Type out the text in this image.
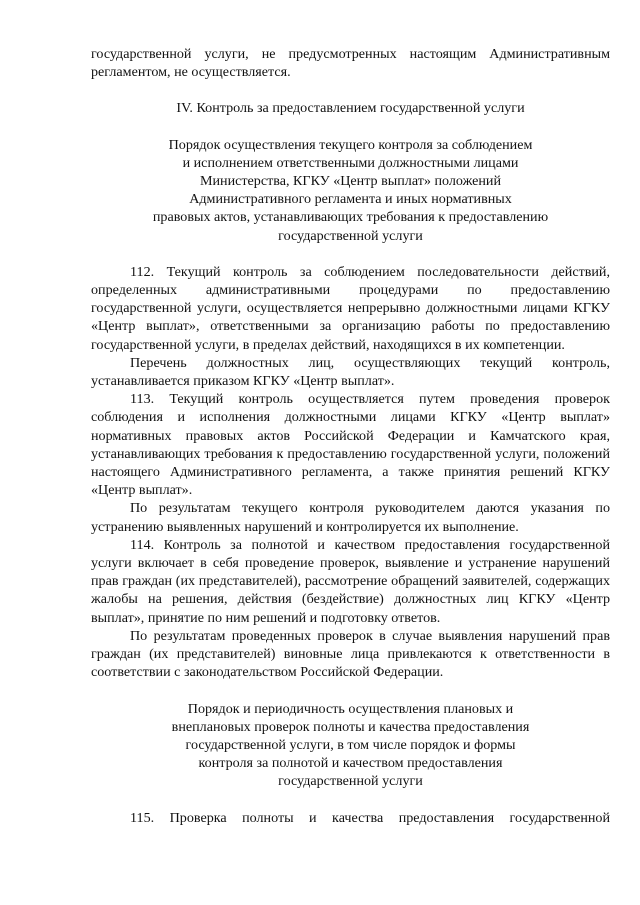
государственной услуги, не предусмотренных настоящим Административным регламентом, не осуществляется.

IV. Контроль за предоставлением государственной услуги

Порядок осуществления текущего контроля за соблюдением

и исполнением ответственными должностными лицами

Министерства, КГКУ «Центр выплат» положений

Административного регламента и иных нормативных

правовых актов, устанавливающих требования к предоставлению

государственной услуги

112. Текущий контроль за соблюдением последовательности действий, определенных административными процедурами по предоставлению государственной услуги, осуществляется непрерывно должностными лицами КГКУ «Центр выплат», ответственными за организацию работы по предоставлению государственной услуги, в пределах действий, находящихся в их компетенции.

Перечень должностных лиц, осуществляющих текущий контроль, устанавливается приказом КГКУ «Центр выплат».

113. Текущий контроль осуществляется путем проведения проверок соблюдения и исполнения должностными лицами КГКУ «Центр выплат» нормативных правовых актов Российской Федерации и Камчатского края, устанавливающих требования к предоставлению государственной услуги, положений настоящего Административного регламента, а также принятия решений КГКУ «Центр выплат».

По результатам текущего контроля руководителем даются указания по устранению выявленных нарушений и контролируется их выполнение.

114. Контроль за полнотой и качеством предоставления государственной услуги включает в себя проведение проверок, выявление и устранение нарушений прав граждан (их представителей), рассмотрение обращений заявителей, содержащих жалобы на решения, действия (бездействие) должностных лиц КГКУ «Центр выплат», принятие по ним решений и подготовку ответов.

По результатам проведенных проверок в случае выявления нарушений прав граждан (их представителей) виновные лица привлекаются к ответственности в соответствии с законодательством Российской Федерации.

Порядок и периодичность осуществления плановых и

внеплановых проверок полноты и качества предоставления

государственной услуги, в том числе порядок и формы

контроля за полнотой и качеством предоставления

государственной услуги

115. Проверка полноты и качества предоставления государственной
